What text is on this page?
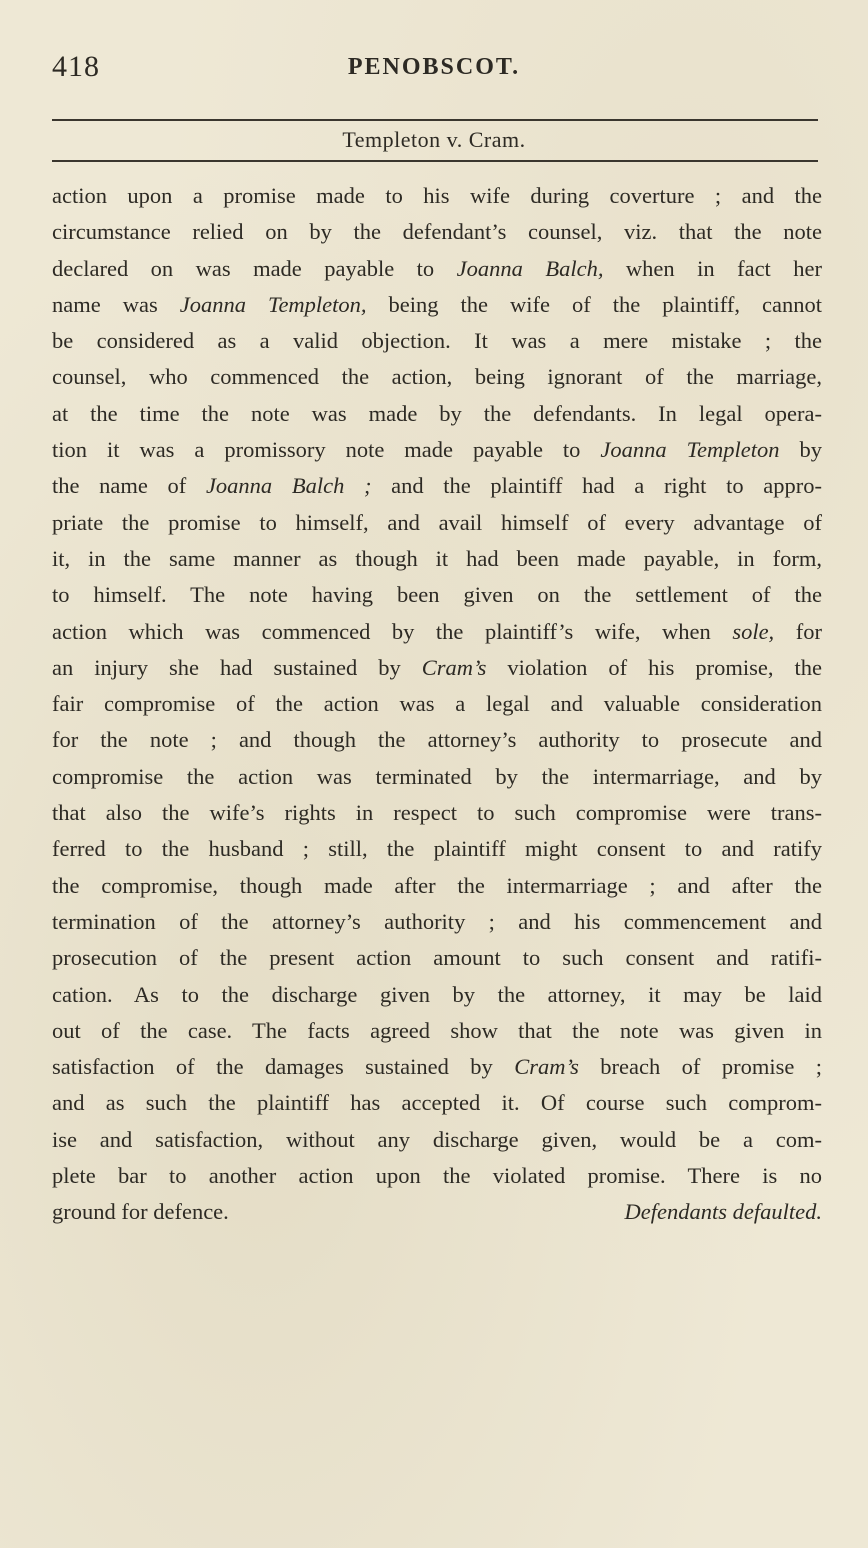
418	PENOBSCOT.
Templeton v. Cram.
action upon a promise made to his wife during coverture ; and the
circumstance relied on by the defendant’s counsel, viz. that the note
declared on was made payable to Joanna Balch, when in fact her
name was Joanna Templeton, being the wife of the plaintiff, cannot
be considered as a valid objection. It was a mere mistake ; the
counsel, who commenced the action, being ignorant of the marriage,
at the time the note was made by the defendants. In legal opera-
tion it was a promissory note made payable to Joanna Templeton by
the name of Joanna Balch ; and the plaintiff had a right to appro-
priate the promise to himself, and avail himself of every advantage of
it, in the same manner as though it had been made payable, in form,
to himself. The note having been given on the settlement of the
action which was commenced by the plaintiff’s wife, when sole, for
an injury she had sustained by Cram’s violation of his promise, the
fair compromise of the action was a legal and valuable consideration
for the note ; and though the attorney’s authority to prosecute and
compromise the action was terminated by the intermarriage, and by
that also the wife’s rights in respect to such compromise were trans-
ferred to the husband ; still, the plaintiff might consent to and ratify
the compromise, though made after the intermarriage ; and after the
termination of the attorney’s authority ; and his commencement and
prosecution of the present action amount to such consent and ratifi-
cation. As to the discharge given by the attorney, it may be laid
out of the case. The facts agreed show that the note was given in
satisfaction of the damages sustained by Cram’s breach of promise ;
and as such the plaintiff has accepted it. Of course such comprom-
ise and satisfaction, without any discharge given, would be a com-
plete bar to another action upon the violated promise. There is no
ground for defence.	Defendants defaulted.
